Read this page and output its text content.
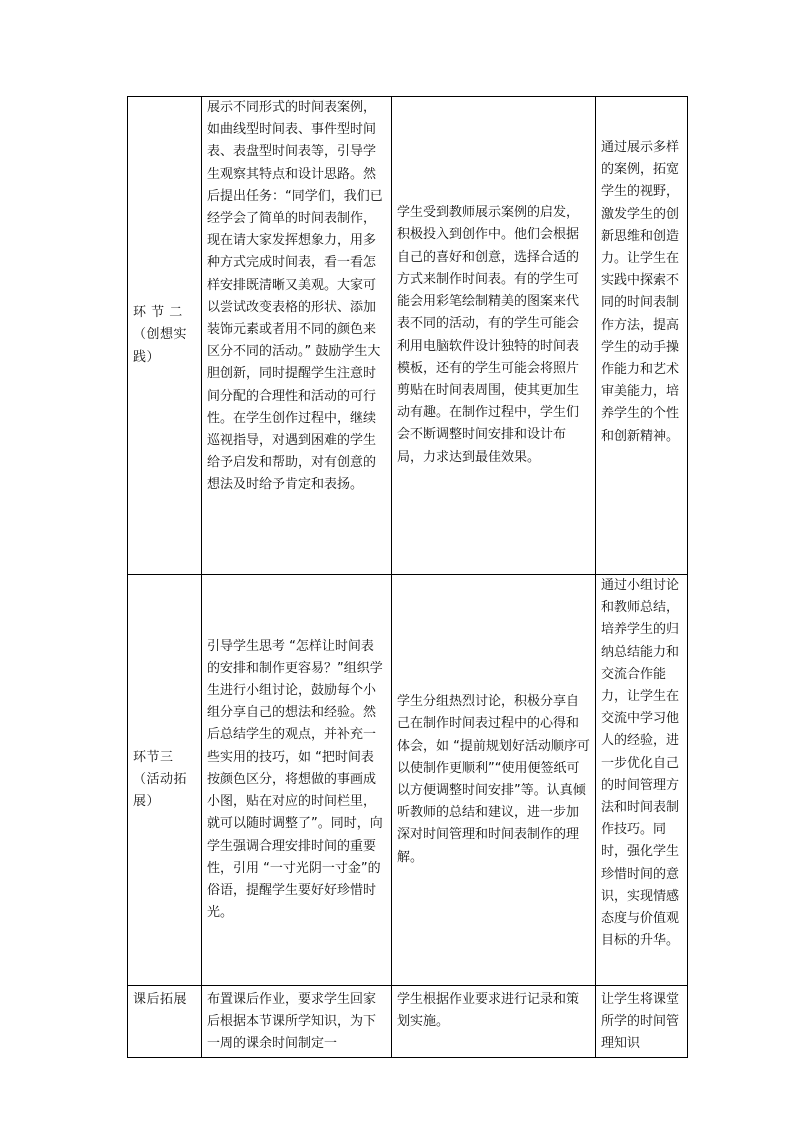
环 节 二（创想实践）	展示不同形式的时间表案例，如曲线型时间表、事件型时间表、表盘型时间表等，引导学生观察其特点和设计思路。然后提出任务：“同学们，我们已经学会了简单的时间表制作，现在请大家发挥想象力，用多种方式完成时间表，看一看怎样安排既清晰又美观。大家可以尝试改变表格的形状、添加装饰元素或者用不同的颜色来区分不同的活动。” 鼓励学生大胆创新，同时提醒学生注意时间分配的合理性和活动的可行性。在学生创作过程中，继续巡视指导，对遇到困难的学生给予启发和帮助，对有创意的想法及时给予肯定和表扬。	学生受到教师展示案例的启发，积极投入到创作中。他们会根据自己的喜好和创意，选择合适的方式来制作时间表。有的学生可能会用彩笔绘制精美的图案来代表不同的活动，有的学生可能会利用电脑软件设计独特的时间表模板，还有的学生可能会将照片剪贴在时间表周围，使其更加生动有趣。在制作过程中，学生们会不断调整时间安排和设计布局，力求达到最佳效果。	通过展示多样的案例，拓宽学生的视野，激发学生的创新思维和创造力。让学生在实践中探索不同的时间表制作方法，提高学生的动手操作能力和艺术审美能力，培养学生的个性和创新精神。
环节三（活动拓展）	引导学生思考 “怎样让时间表的安排和制作更容易？”组织学生进行小组讨论，鼓励每个小组分享自己的想法和经验。然后总结学生的观点，并补充一些实用的技巧，如 “把时间表按颜色区分，将想做的事画成小图，贴在对应的时间栏里，就可以随时调整了”。同时，向学生强调合理安排时间的重要性，引用 “一寸光阴一寸金”的俗语，提醒学生要好好珍惜时光。	学生分组热烈讨论，积极分享自己在制作时间表过程中的心得和体会，如 “提前规划好活动顺序可以使制作更顺利”“使用便签纸可以方便调整时间安排”等。认真倾听教师的总结和建议，进一步加深对时间管理和时间表制作的理解。	通过小组讨论和教师总结，培养学生的归纳总结能力和交流合作能力，让学生在交流中学习他人的经验，进一步优化自己的时间管理方法和时间表制作技巧。同时，强化学生珍惜时间的意识，实现情感态度与价值观目标的升华。
课后拓展	布置课后作业，要求学生回家后根据本节课所学知识，为下一周的课余时间制定一	学生根据作业要求进行记录和策划实施。	让学生将课堂所学的时间管理知识
